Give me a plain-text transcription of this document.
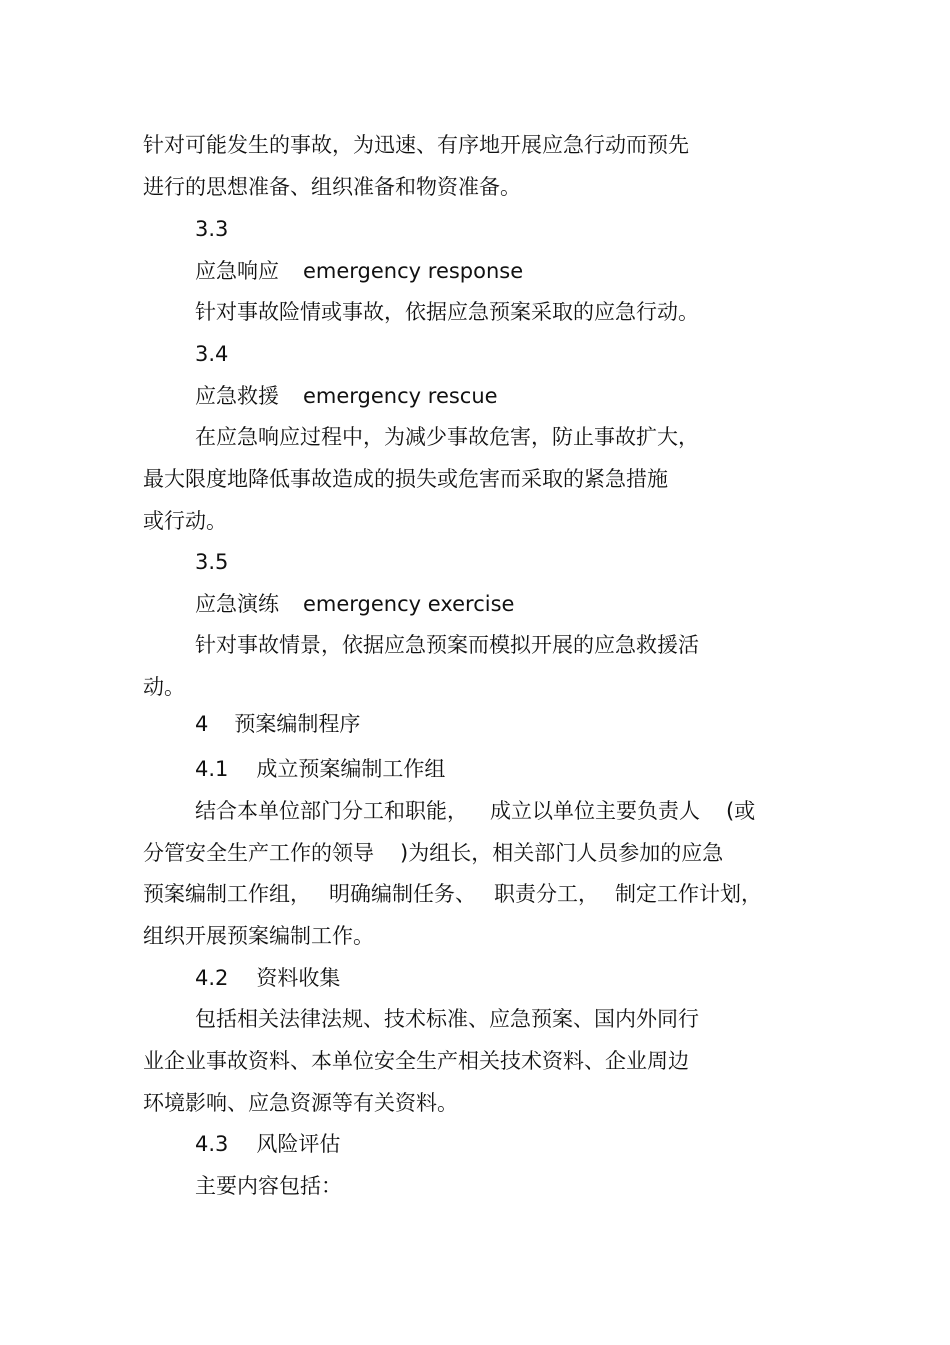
针对可能发生的事故，为迅速、有序地开展应急行动而预先

进行的思想准备、组织准备和物资准备。

3.3

应急响应 emergency response

针对事故险情或事故，依据应急预案采取的应急行动。

3.4

应急救援 emergency rescue

在应急响应过程中，为减少事故危害，防止事故扩大，

最大限度地降低事故造成的损失或危害而采取的紧急措施

或行动。

3.5

应急演练 emergency exercise

针对事故情景，依据应急预案而模拟开展的应急救援活

动。

4 预案编制程序

4.1 成立预案编制工作组

结合本单位部门分工和职能， 成立以单位主要负责人 (或

分管安全生产工作的领导 )为组长，相关部门人员参加的应急

预案编制工作组， 明确编制任务、 职责分工， 制定工作计划，

组织开展预案编制工作。

4.2 资料收集

包括相关法律法规、技术标准、应急预案、国内外同行

业企业事故资料、本单位安全生产相关技术资料、企业周边

环境影响、应急资源等有关资料。

4.3 风险评估

主要内容包括：
